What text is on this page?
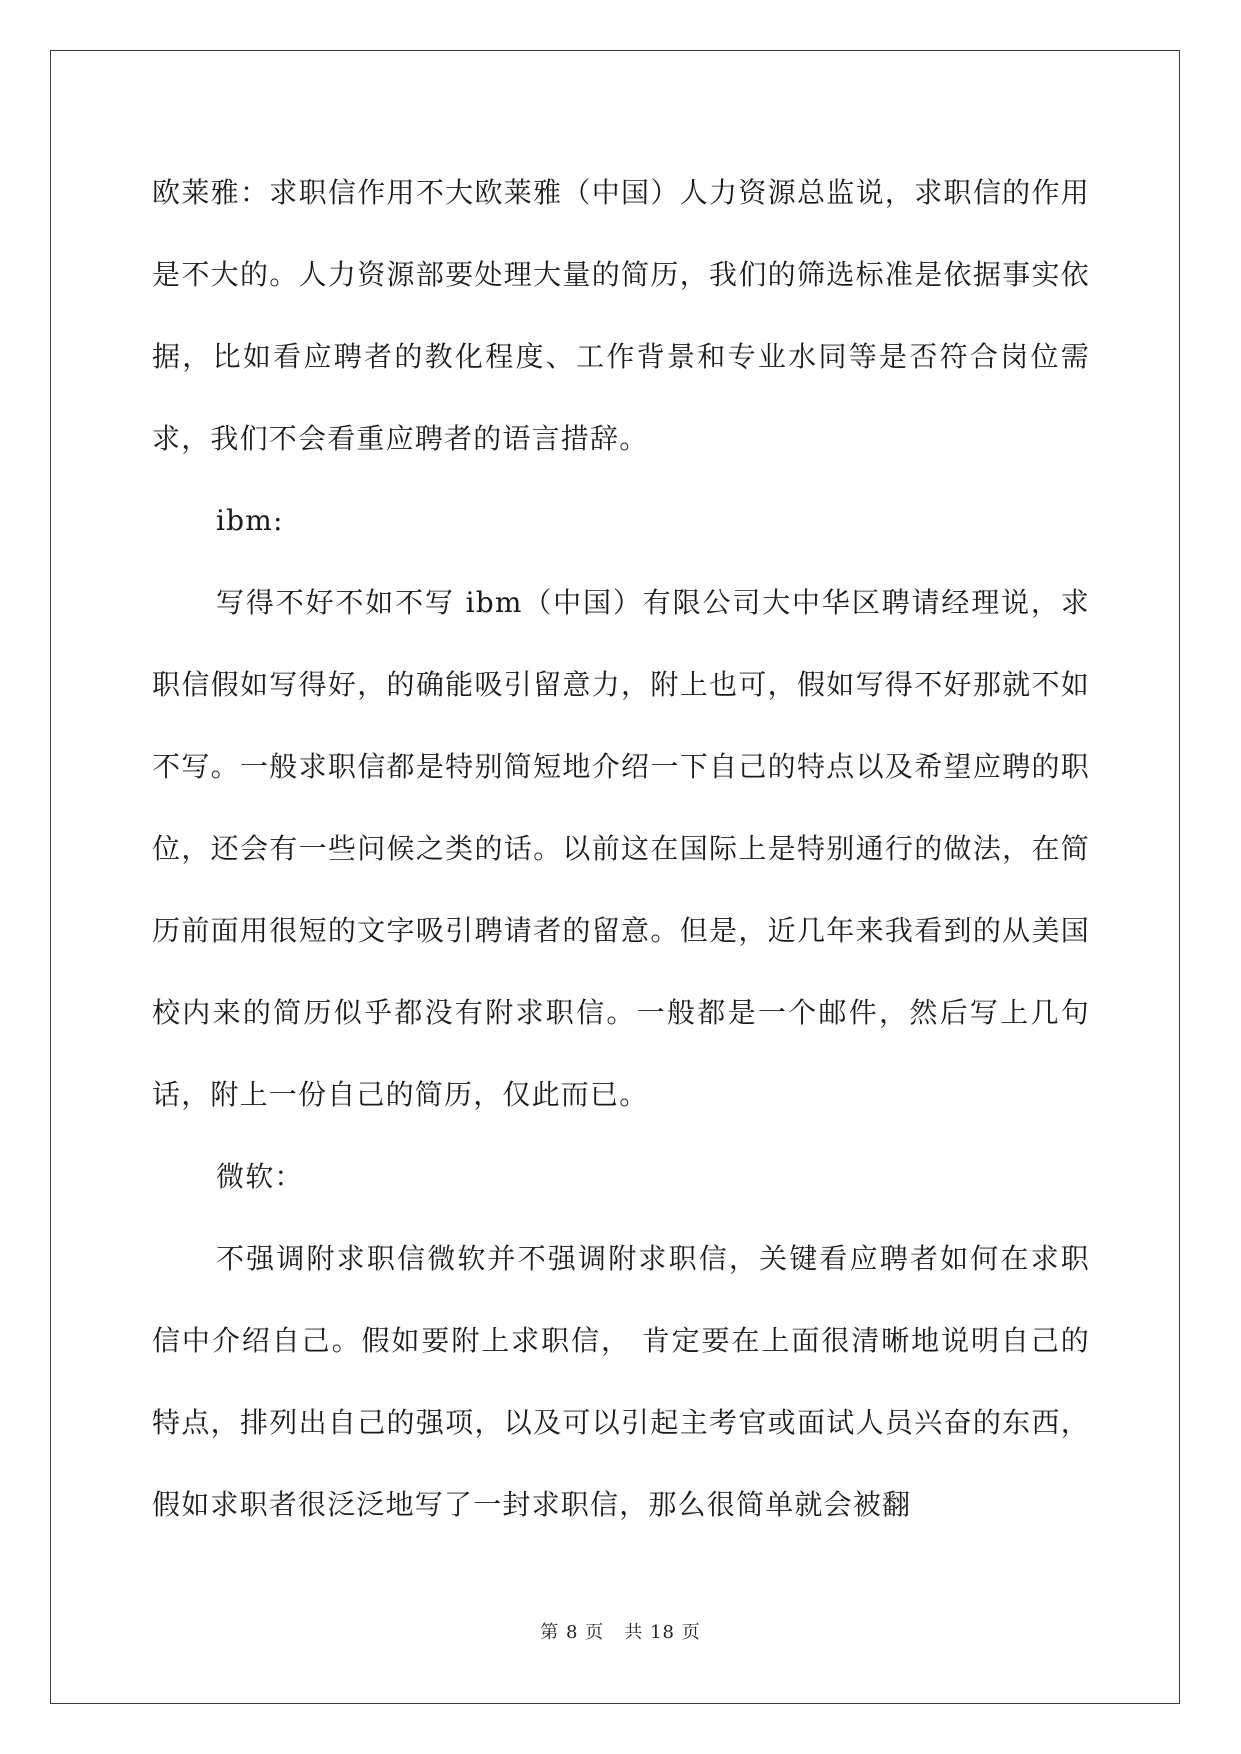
欧莱雅：求职信作用不大欧莱雅（中国）人力资源总监说，求职信的作用是不大的。人力资源部要处理大量的简历，我们的筛选标准是依据事实依据，比如看应聘者的教化程度、工作背景和专业水同等是否符合岗位需求，我们不会看重应聘者的语言措辞。

ibm:

写得不好不如不写 ibm（中国）有限公司大中华区聘请经理说，求职信假如写得好，的确能吸引留意力，附上也可，假如写得不好那就不如不写。一般求职信都是特别简短地介绍一下自己的特点以及希望应聘的职位，还会有一些问候之类的话。以前这在国际上是特别通行的做法，在简历前面用很短的文字吸引聘请者的留意。但是，近几年来我看到的从美国校内来的简历似乎都没有附求职信。一般都是一个邮件，然后写上几句话，附上一份自己的简历，仅此而已。

微软：

不强调附求职信微软并不强调附求职信，关键看应聘者如何在求职信中介绍自己。假如要附上求职信， 肯定要在上面很清晰地说明自己的特点，排列出自己的强项，以及可以引起主考官或面试人员兴奋的东西，假如求职者很泛泛地写了一封求职信，那么很简单就会被翻

第 8 页 共 18 页
